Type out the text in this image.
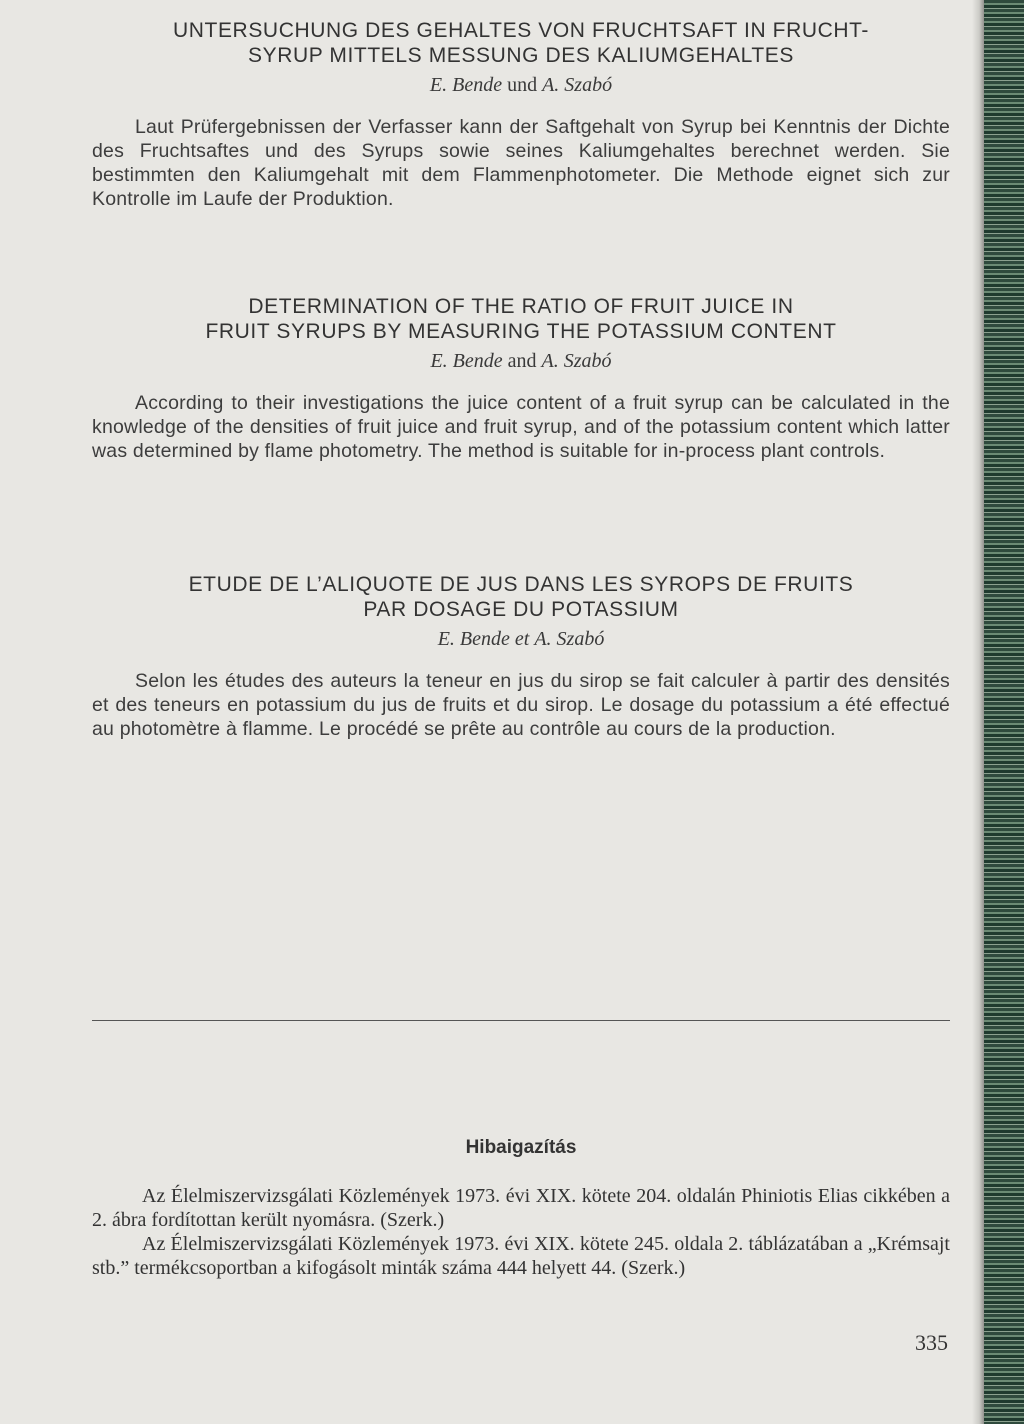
UNTERSUCHUNG DES GEHALTES VON FRUCHTSAFT IN FRUCHT-
SYRUP MITTELS MESSUNG DES KALIUMGEHALTES

E. Bende und A. Szabó

Laut Prüfergebnissen der Verfasser kann der Saftgehalt von Syrup bei Kenntnis der Dichte des Fruchtsaftes und des Syrups sowie seines Kaliumgehaltes berechnet werden. Sie bestimmten den Kaliumgehalt mit dem Flammenphotometer. Die Methode eignet sich zur Kontrolle im Laufe der Produktion.

DETERMINATION OF THE RATIO OF FRUIT JUICE IN
FRUIT SYRUPS BY MEASURING THE POTASSIUM CONTENT

E. Bende and A. Szabó

According to their investigations the juice content of a fruit syrup can be calculated in the knowledge of the densities of fruit juice and fruit syrup, and of the potassium content which latter was determined by flame photometry. The method is suitable for in-process plant controls.

ETUDE DE L’ALIQUOTE DE JUS DANS LES SYROPS DE FRUITS
PAR DOSAGE DU POTASSIUM

E. Bende et A. Szabó

Selon les études des auteurs la teneur en jus du sirop se fait calculer à partir des densités et des teneurs en potassium du jus de fruits et du sirop. Le dosage du potassium a été effectué au photomètre à flamme. Le procédé se prête au contrôle au cours de la production.

Hibaigazítás

Az Élelmiszervizsgálati Közlemények 1973. évi XIX. kötete 204. oldalán Phiniotis Elias cikkében a 2. ábra fordítottan került nyomásra. (Szerk.)

Az Élelmiszervizsgálati Közlemények 1973. évi XIX. kötete 245. oldala 2. táblázatában a „Krémsajt stb.” termékcsoportban a kifogásolt minták száma 444 helyett 44. (Szerk.)

335
